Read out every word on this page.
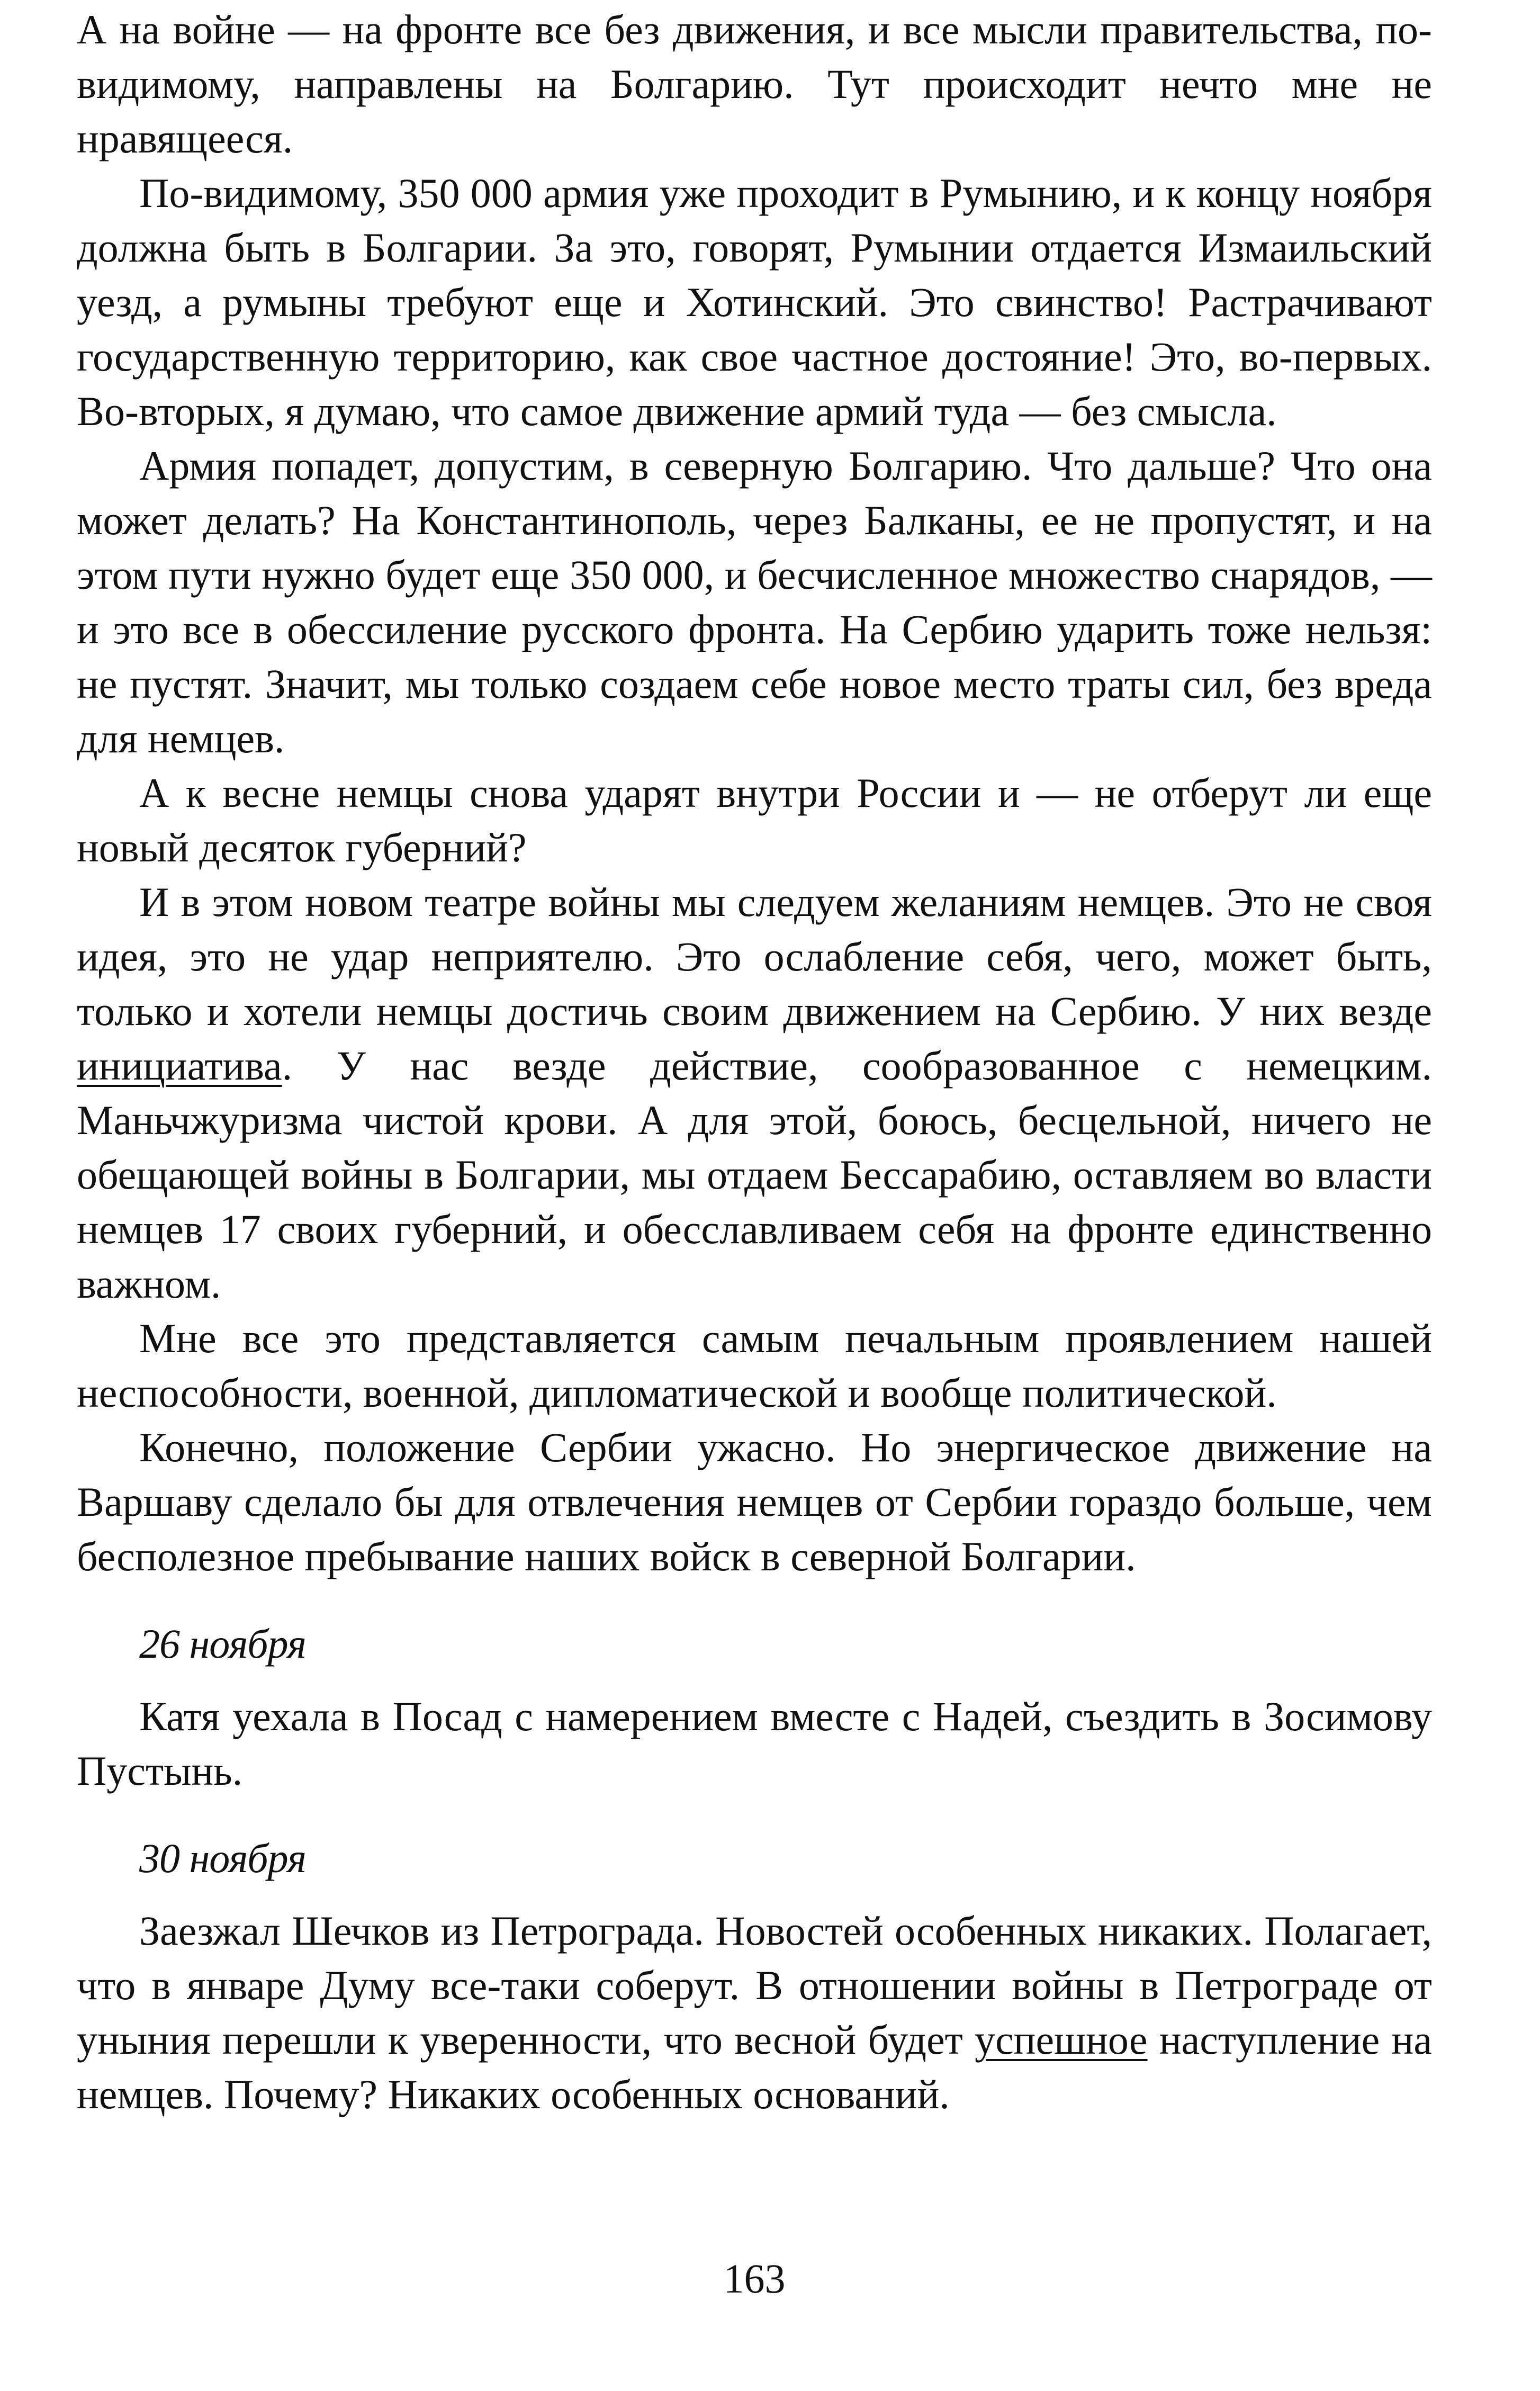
А на войне — на фронте все без движения, и все мысли правительства, по-видимому, направлены на Болгарию. Тут происходит нечто мне не нравящееся.

По-видимому, 350 000 армия уже проходит в Румынию, и к концу ноября должна быть в Болгарии. За это, говорят, Румынии отдается Измаильский уезд, а румыны требуют еще и Хотинский. Это свинство! Растрачивают государственную территорию, как свое частное достояние! Это, во-первых. Во-вторых, я думаю, что самое движение армий туда — без смысла.

Армия попадет, допустим, в северную Болгарию. Что дальше? Что она может делать? На Константинополь, через Балканы, ее не пропустят, и на этом пути нужно будет еще 350 000, и бесчисленное множество снарядов, — и это все в обессиление русского фронта. На Сербию ударить тоже нельзя: не пустят. Значит, мы только создаем себе новое место траты сил, без вреда для немцев.

А к весне немцы снова ударят внутри России и — не отберут ли еще новый десяток губерний?

И в этом новом театре войны мы следуем желаниям немцев. Это не своя идея, это не удар неприятелю. Это ослабление себя, чего, может быть, только и хотели немцы достичь своим движением на Сербию. У них везде инициатива. У нас везде действие, сообразованное с немецким. Маньчжуризма чистой крови. А для этой, боюсь, бесцельной, ничего не обещающей войны в Болгарии, мы отдаем Бессарабию, оставляем во власти немцев 17 своих губерний, и обесславливаем себя на фронте единственно важном.

Мне все это представляется самым печальным проявлением нашей неспособности, военной, дипломатической и вообще политической.

Конечно, положение Сербии ужасно. Но энергическое движение на Варшаву сделало бы для отвлечения немцев от Сербии гораздо больше, чем бесполезное пребывание наших войск в северной Болгарии.

26 ноября

Катя уехала в Посад с намерением вместе с Надей, съездить в Зосимову Пустынь.

30 ноября

Заезжал Шечков из Петрограда. Новостей особенных никаких. Полагает, что в январе Думу все-таки соберут. В отношении войны в Петрограде от уныния перешли к уверенности, что весной будет успешное наступление на немцев. Почему? Никаких особенных оснований.

163
